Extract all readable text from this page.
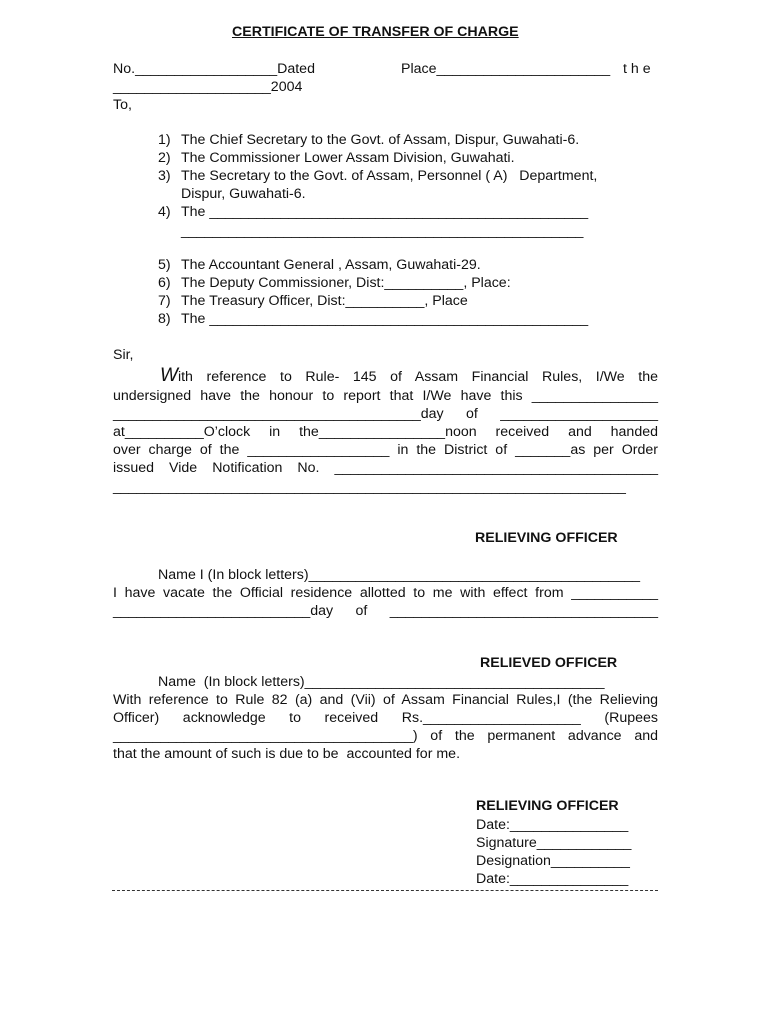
CERTIFICATE OF TRANSFER OF CHARGE
No.__________________Dated	Place______________________ t h e
____________________2004
To,
1) The Chief Secretary to the Govt. of Assam, Dispur, Guwahati-6.
2) The Commissioner Lower Assam Division, Guwahati.
3) The Secretary to the Govt. of Assam, Personnel ( A)   Department,
Dispur, Guwahati-6.
4) The ________________________________________________
___________________________________________________
5) The Accountant General , Assam, Guwahati-29.
6) The Deputy Commissioner, Dist:__________, Place:
7) The Treasury Officer, Dist:__________, Place
8) The ________________________________________________
Sir,
With reference to Rule- 145 of Assam Financial Rules, I/We the
undersigned have the honour to report that I/We have this ________________
_______________________________________day of ____________________
at__________O’clock in the________________noon received and handed
over charge of the __________________ in the District of _______as per Order
issued Vide Notification No. _________________________________________
_________________________________________________________________
RELIEVING OFFICER
Name I (In block letters)__________________________________________
I have vacate the Official residence allotted to me with effect from ___________
_________________________day of __________________________________
RELIEVED OFFICER
Name  (In block letters)______________________________________
With reference to Rule 82 (a) and (Vii) of Assam Financial Rules,I (the Relieving
Officer) acknowledge to received Rs.____________________ (Rupees
______________________________________) of the permanent advance and
that the amount of such is due to be  accounted for me.
RELIEVING OFFICER
Date:_______________
Signature____________
Designation__________
Date:_______________
